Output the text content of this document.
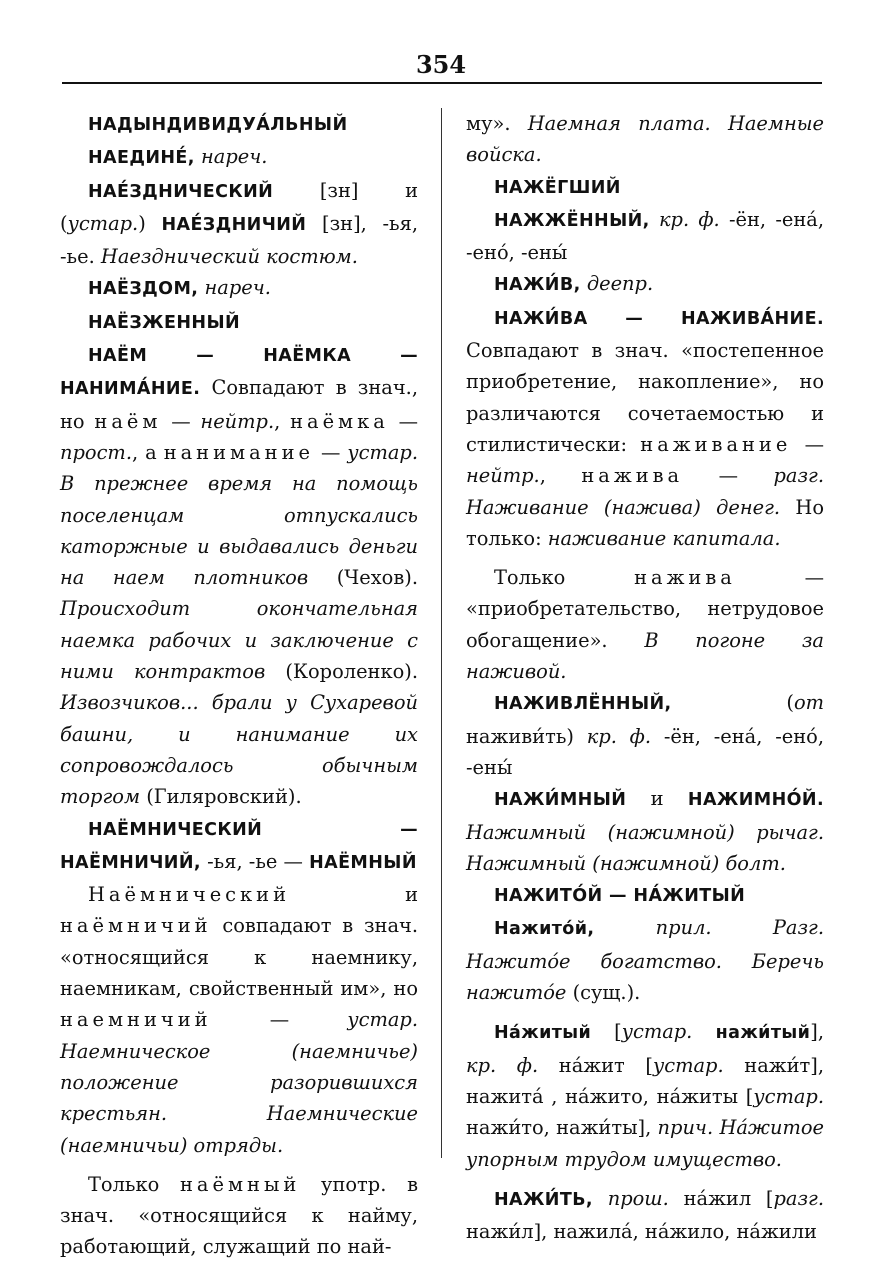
354

НАДЫНДИВИДУА́ЛЬНЫЙ

НАЕДИНЕ́, нареч.

НАЕ́ЗДНИЧЕСКИЙ [зн] и (устар.) НАЕ́ЗДНИЧИЙ [зн], -ья, -ье. Наезднический костюм.

НАЁЗДОМ, нареч.

НАЁЗЖЕННЫЙ

НАЁМ — НАЁМКА — НАНИМА́НИЕ. Совпадают в знач., но наём — нейтр., наёмка — прост., а нанимание — устар. В прежнее время на помощь поселенцам отпускались каторжные и выдавались деньги на наем плотников (Чехов). Происходит окончательная наемка рабочих и заключение с ними контрактов (Короленко). Извозчиков... брали у Сухаревой башни, и нанимание их сопровождалось обычным торгом (Гиляровский).

НАЁМНИЧЕСКИЙ — НАЁМНИЧИЙ, -ья, -ье — НАЁМНЫЙ

Наёмнический и наёмничий совпадают в знач. «относящийся к наемнику, наемникам, свойственный им», но наемничий — устар. Наемническое (наемничье) положение разорившихся крестьян. Наемнические (наемничьи) отряды.

Только наёмный употр. в знач. «относящийся к найму, работающий, служащий по най-

му». Наемная плата. Наемные войска.

НАЖЁГШИЙ

НАЖЖЁННЫЙ, кр. ф. -ён, -ена́, -ено́, -ены́

НАЖИ́В, деепр.

НАЖИ́ВА — НАЖИВА́НИЕ. Совпадают в знач. «постепенное приобретение, накопление», но различаются сочетаемостью и стилистически: наживание — нейтр., нажива — разг. Наживание (нажива) денег. Но только: наживание капитала.

Только нажива — «приобретательство, нетрудовое обогащение». В погоне за наживой.

НАЖИВЛЁННЫЙ, (от наживи́ть) кр. ф. -ён, -ена́, -ено́, -ены́

НАЖИ́МНЫЙ и НАЖИМНО́Й. Нажимный (нажимной) рычаг. Нажимный (нажимной) болт.

НАЖИТО́Й — НА́ЖИТЫЙ

Нажито́й, прил. Разг. Нажито́е богатство. Беречь нажито́е (сущ.).

На́житый [устар. нажи́тый], кр. ф. на́жит [устар. нажи́т], нажита́ , на́жито, на́житы [устар. нажи́то, нажи́ты], прич. На́житое упорным трудом имущество.

НАЖИ́ТЬ, прош. на́жил [разг. нажи́л], нажила́, на́жило, на́жили
